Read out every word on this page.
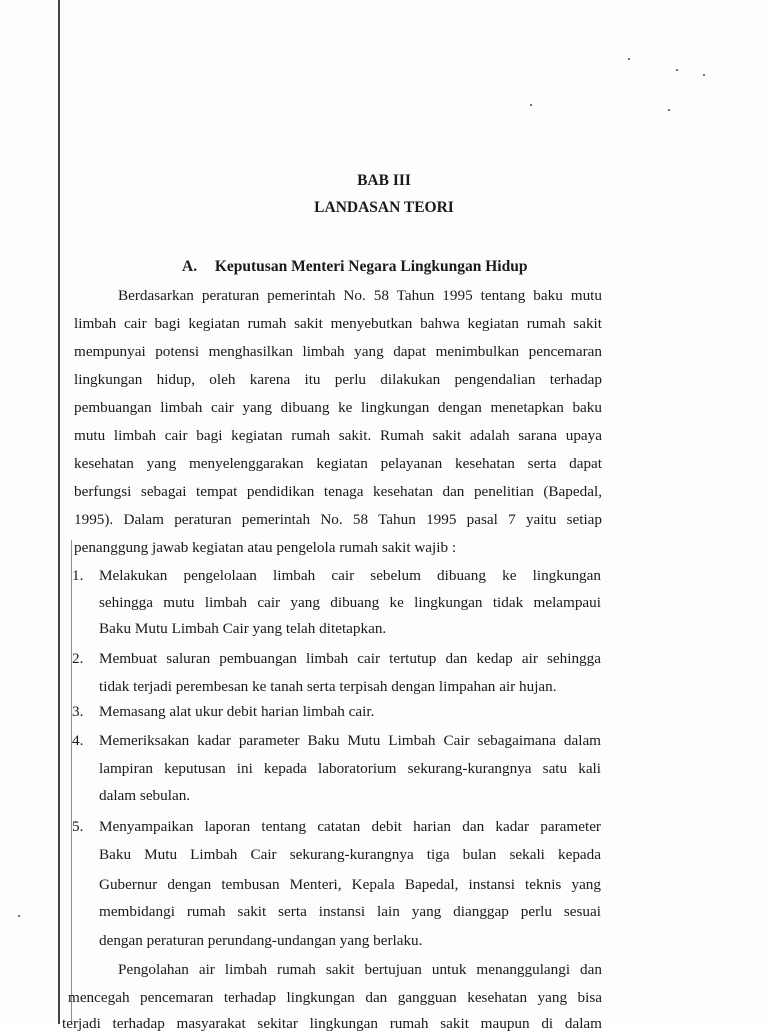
BAB III
LANDASAN TEORI
A. Keputusan Menteri Negara Lingkungan Hidup
Berdasarkan peraturan pemerintah No. 58 Tahun 1995 tentang baku mutu
limbah cair bagi kegiatan rumah sakit menyebutkan bahwa kegiatan rumah sakit
mempunyai potensi menghasilkan limbah yang dapat menimbulkan pencemaran
lingkungan hidup, oleh karena itu perlu dilakukan pengendalian terhadap
pembuangan limbah cair yang dibuang ke lingkungan dengan menetapkan baku
mutu limbah cair bagi kegiatan rumah sakit. Rumah sakit adalah sarana upaya
kesehatan yang menyelenggarakan kegiatan pelayanan kesehatan serta dapat
berfungsi sebagai tempat pendidikan tenaga kesehatan dan penelitian (Bapedal,
1995). Dalam peraturan pemerintah No. 58 Tahun 1995 pasal 7 yaitu setiap
penanggung jawab kegiatan atau pengelola rumah sakit wajib :
1. Melakukan pengelolaan limbah cair sebelum dibuang ke lingkungan
sehingga mutu limbah cair yang dibuang ke lingkungan tidak melampaui
Baku Mutu Limbah Cair yang telah ditetapkan.
2. Membuat saluran pembuangan limbah cair tertutup dan kedap air sehingga
tidak terjadi perembesan ke tanah serta terpisah dengan limpahan air hujan.
3. Memasang alat ukur debit harian limbah cair.
4. Memeriksakan kadar parameter Baku Mutu Limbah Cair sebagaimana dalam
lampiran keputusan ini kepada laboratorium sekurang-kurangnya satu kali
dalam sebulan.
5. Menyampaikan laporan tentang catatan debit harian dan kadar parameter
Baku Mutu Limbah Cair sekurang-kurangnya tiga bulan sekali kepada
Gubernur dengan tembusan Menteri, Kepala Bapedal, instansi teknis yang
membidangi rumah sakit serta instansi lain yang dianggap perlu sesuai
dengan peraturan perundang-undangan yang berlaku.
Pengolahan air limbah rumah sakit bertujuan untuk menanggulangi dan
mencegah pencemaran terhadap lingkungan dan gangguan kesehatan yang bisa
terjadi terhadap masyarakat sekitar lingkungan rumah sakit maupun di dalam
